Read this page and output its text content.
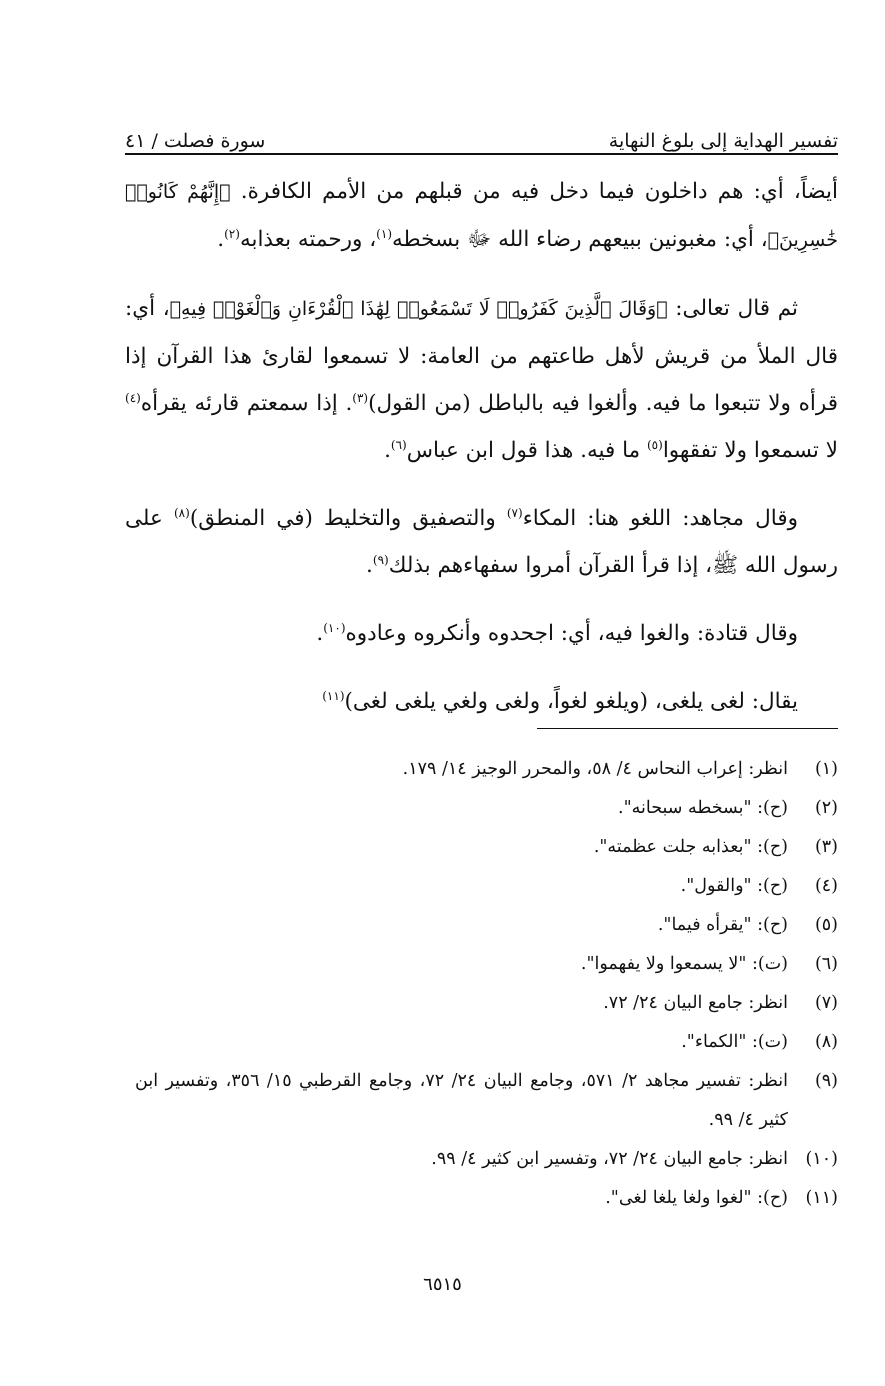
تفسير الهداية إلى بلوغ النهاية
سورة فصلت / ٤١

أيضاً، أي: هم داخلون فيما دخل فيه من قبلهم من الأمم الكافرة. ﴿إِنَّهُمْ كَانُوا۟ خَٰسِرِينَ﴾، أي: مغبونين ببيعهم رضاء الله ﷻ بسخطه$^{(١)}$، ورحمته بعذابه$^{(٢)}$.

ثم قال تعالى: ﴿وَقَالَ ٱلَّذِينَ كَفَرُوا۟ لَا تَسْمَعُوا۟ لِهَٰذَا ٱلْقُرْءَانِ وَٱلْغَوْا۟ فِيهِ﴾، أي: قال الملأ من قريش لأهل طاعتهم من العامة: لا تسمعوا لقارئ هذا القرآن إذا قرأه ولا تتبعوا ما فيه. وألغوا فيه بالباطل (من القول)$^{(٣)}$. إذا سمعتم قارئه يقرأه$^{(٤)}$ لا تسمعوا ولا تفقهوا$^{(٥)}$ ما فيه. هذا قول ابن عباس$^{(٦)}$.

وقال مجاهد: اللغو هنا: المكاء$^{(٧)}$ والتصفيق والتخليط (في المنطق)$^{(٨)}$ على رسول الله ﷺ، إذا قرأ القرآن أمروا سفهاءهم بذلك$^{(٩)}$.

وقال قتادة: والغوا فيه، أي: اجحدوه وأنكروه وعادوه$^{(١٠)}$.

يقال: لغى يلغى، (ويلغو لغواً، ولغى ولغي يلغى لغى)$^{(١١)}$

(١)
انظر: إعراب النحاس ٤/ ٥٨، والمحرر الوجيز ١٤/ ١٧٩.
(٢)
(ح): "بسخطه سبحانه".
(٣)
(ح): "بعذابه جلت عظمته".
(٤)
(ح): "والقول".
(٥)
(ح): "يقرأه فيما".
(٦)
(ت): "لا يسمعوا ولا يفهموا".
(٧)
انظر: جامع البيان ٢٤/ ٧٢.
(٨)
(ت): "الكماء".
(٩)
انظر: تفسير مجاهد ٢/ ٥٧١، وجامع البيان ٢٤/ ٧٢، وجامع القرطبي ١٥/ ٣٥٦، وتفسير ابن كثير ٤/ ٩٩.
(١٠)
انظر: جامع البيان ٢٤/ ٧٢، وتفسير ابن كثير ٤/ ٩٩.
(١١)
(ح): "لغوا ولغا يلغا لغى".
٦٥١٥
